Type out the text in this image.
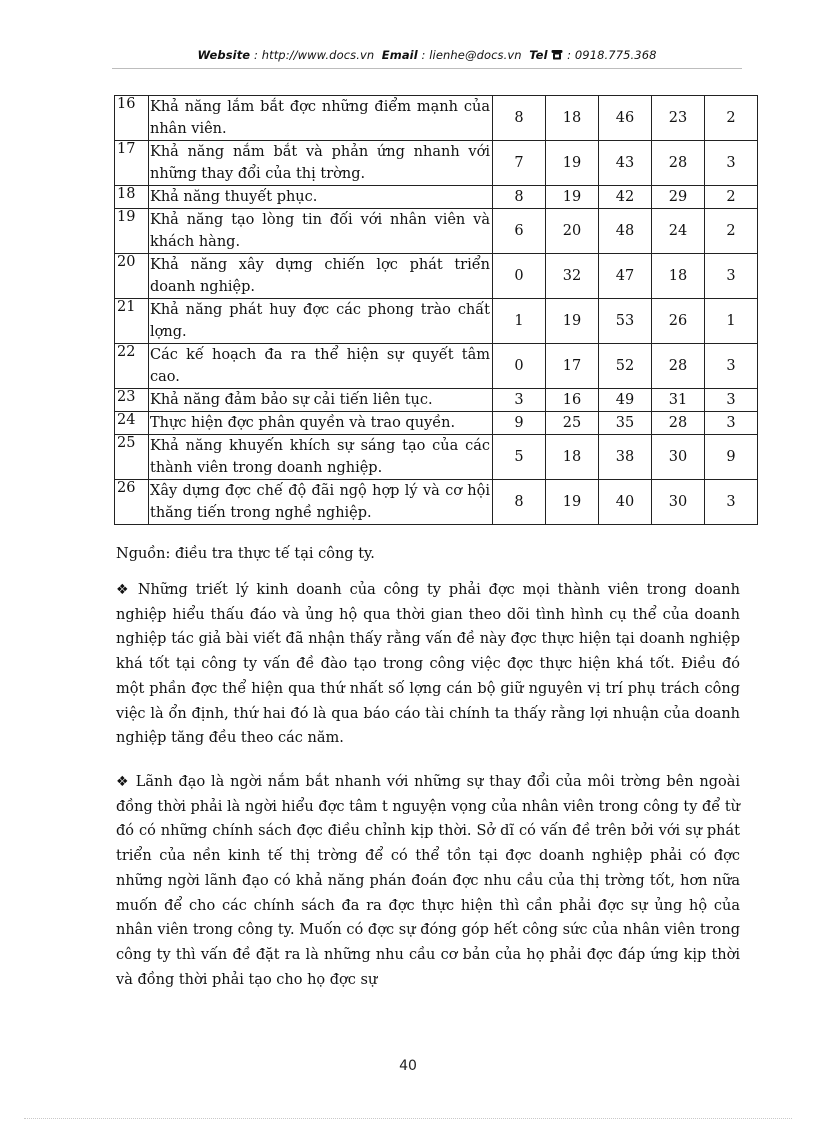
Website : http://www.docs.vn Email : lienhe@docs.vn Tel : 0918.775.368
16	Khả năng lắm bắt đợc những điểm mạnh của nhân viên.	8	18	46	23	2
17	Khả năng nắm bắt và phản ứng nhanh với những thay đổi của thị trờng.	7	19	43	28	3
18	Khả năng thuyết phục.	8	19	42	29	2
19	Khả năng tạo lòng tin đối với nhân viên và khách hàng.	6	20	48	24	2
20	Khả năng xây dựng chiến lợc phát triển doanh nghiệp.	0	32	47	18	3
21	Khả năng phát huy đợc các phong trào chất lợng.	1	19	53	26	1
22	Các kế hoạch đa ra thể hiện sự quyết tâm cao.	0	17	52	28	3
23	Khả năng đảm bảo sự cải tiến liên tục.	3	16	49	31	3
24	Thực hiện đợc phân quyền và trao quyền.	9	25	35	28	3
25	Khả năng khuyến khích sự sáng tạo của các thành viên trong doanh nghiệp.	5	18	38	30	9
26	Xây dựng đợc chế độ đãi ngộ hợp lý và cơ hội thăng tiến trong nghề nghiệp.	8	19	40	30	3
Nguồn: điều tra thực tế tại công ty.

❖ Những triết lý kinh doanh của công ty phải đợc mọi thành viên trong doanh nghiệp hiểu thấu đáo và ủng hộ qua thời gian theo dõi tình hình cụ thể của doanh nghiệp tác giả bài viết đã nhận thấy rằng vấn đề này đợc thực hiện tại doanh nghiệp khá tốt tại công ty vấn đề đào tạo trong công việc đợc thực hiện khá tốt. Điều đó một phần đợc thể hiện qua thứ nhất số lợng cán bộ giữ nguyên vị trí phụ trách công việc là ổn định, thứ hai đó là qua báo cáo tài chính ta thấy rằng lợi nhuận của doanh nghiệp tăng đều theo các năm.

❖ Lãnh đạo là ngời nắm bắt nhanh với những sự thay đổi của môi trờng bên ngoài đồng thời phải là ngời hiểu đợc tâm t nguyện vọng của nhân viên trong công ty để từ đó có những chính sách đợc điều chỉnh kịp thời. Sở dĩ có vấn đề trên bởi với sự phát triển của nền kinh tế thị trờng để có thể tồn tại đợc doanh nghiệp phải có đợc những ngời lãnh đạo có khả năng phán đoán đợc nhu cầu của thị trờng tốt, hơn nữa muốn để cho các chính sách đa ra đợc thực hiện thì cần phải đợc sự ủng hộ của nhân viên trong công ty. Muốn có đợc sự đóng góp hết công sức của nhân viên trong công ty thì vấn đề đặt ra là những nhu cầu cơ bản của họ phải đợc đáp ứng kịp thời và đồng thời phải tạo cho họ đợc sự

40
